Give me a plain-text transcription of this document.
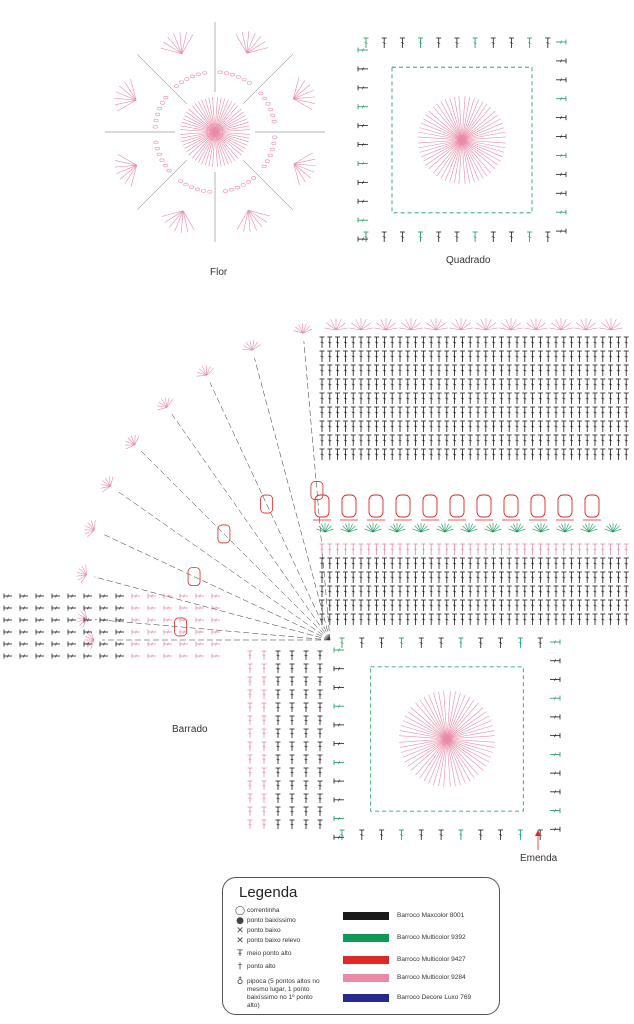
Flor
Quadrado
Barrado
Emenda
Legenda
◯ correntinha
● ponto baixíssimo
✕ ponto baixo
✕ ponto baixo relevo
Ŧ meio ponto alto
† ponto alto
♁ pipoca (5 pontos altos no mesmo lugar, 1 ponto baixíssimo no 1º ponto alto)
Barroco Maxcolor 8001
Barroco Multicolor 9392
Barroco Multicolor 9427
Barroco Multicolor 9284
Barroco Decore Luxo 769
